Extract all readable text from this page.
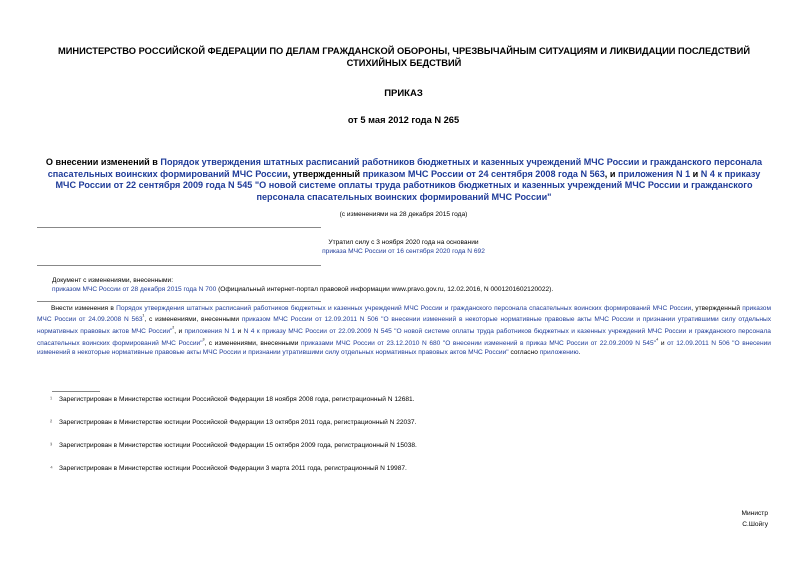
МИНИСТЕРСТВО РОССИЙСКОЙ ФЕДЕРАЦИИ ПО ДЕЛАМ ГРАЖДАНСКОЙ ОБОРОНЫ, ЧРЕЗВЫЧАЙНЫМ СИТУАЦИЯМ И ЛИКВИДАЦИИ ПОСЛЕДСТВИЙ СТИХИЙНЫХ БЕДСТВИЙ
ПРИКАЗ
от 5 мая 2012 года N 265
О внесении изменений в Порядок утверждения штатных расписаний работников бюджетных и казенных учреждений МЧС России и гражданского персонала спасательных воинских формирований МЧС России, утвержденный приказом МЧС России от 24 сентября 2008 года N 563, и приложения N 1 и N 4 к приказу МЧС России от 22 сентября 2009 года N 545 "О новой системе оплаты труда работников бюджетных и казенных учреждений МЧС России и гражданского персонала спасательных воинских формирований МЧС России"
(с изменениями на 28 декабря 2015 года)
Утратил силу с 3 ноября 2020 года на основании
приказа МЧС России от 16 сентября 2020 года N 692
Документ с изменениями, внесенными:
приказом МЧС России от 28 декабря 2015 года N 700 (Официальный интернет-портал правовой информации www.pravo.gov.ru, 12.02.2016, N 0001201602120022).
Внести изменения в Порядок утверждения штатных расписаний работников бюджетных и казенных учреждений МЧС России и гражданского персонала спасательных воинских формирований МЧС России, утвержденный приказом МЧС России от 24.09.2008 N $563^{^1}$, с изменениями, внесенными приказом МЧС России от 12.09.2011 N 506 "О внесении изменений в некоторые нормативные правовые акты МЧС России и признании утратившими силу отдельных нормативных правовых актов МЧС России"$^{^2}$, и приложения N 1 и N 4 к приказу МЧС России от 22.09.2009 N 545 "О новой системе оплаты труда работников бюджетных и казенных учреждений МЧС России и гражданского персонала спасательных воинских формирований МЧС России"$^{^3}$, с изменениями, внесенными приказами МЧС России от 23.12.2010 N 680 "О внесении изменений в приказ МЧС России от 22.09.2009 N 545"$^{^4}$ и от 12.09.2011 N 506 "О внесении изменений в некоторые нормативные правовые акты МЧС России и признании утратившими силу отдельных нормативных правовых актов МЧС России" согласно приложению.
¹ Зарегистрирован в Министерстве юстиции Российской Федерации 18 ноября 2008 года, регистрационный N 12681.
² Зарегистрирован в Министерстве юстиции Российской Федерации 13 октября 2011 года, регистрационный N 22037.
³ Зарегистрирован в Министерстве юстиции Российской Федерации 15 октября 2009 года, регистрационный N 15038.
⁴ Зарегистрирован в Министерстве юстиции Российской Федерации 3 марта 2011 года, регистрационный N 19987.
Министр
С.Шойгу
